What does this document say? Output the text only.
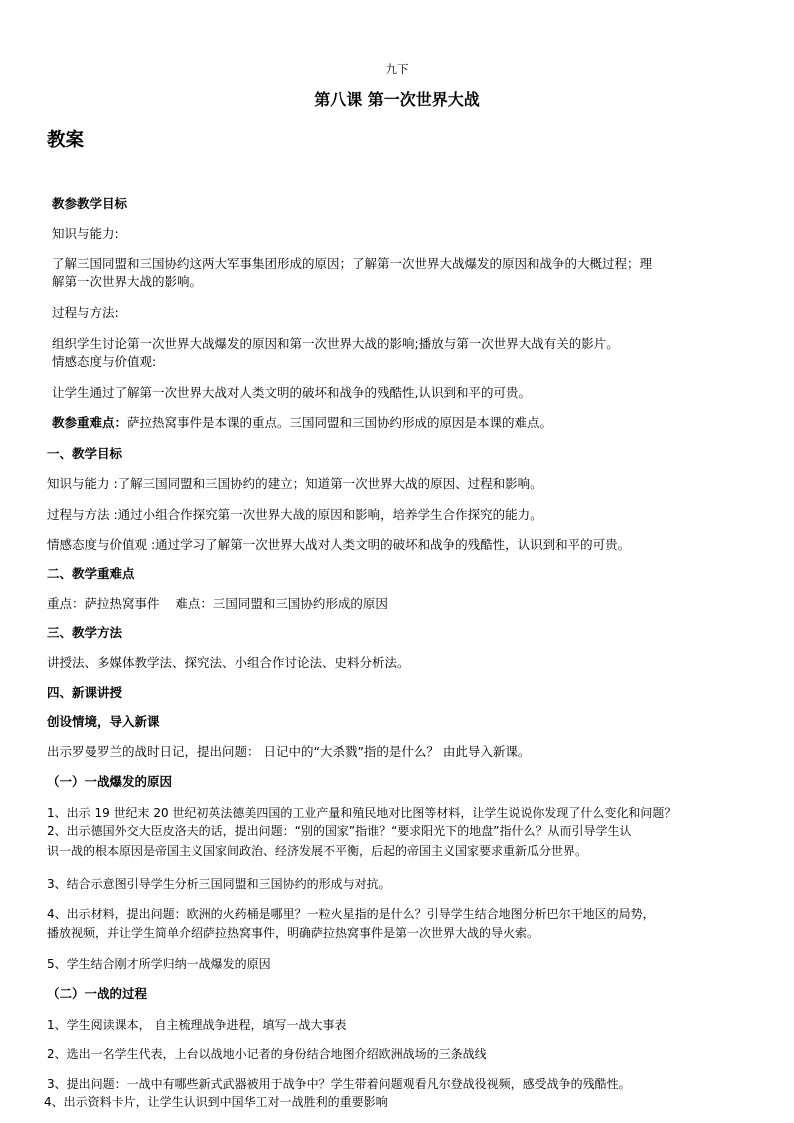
九下
第八课 第一次世界大战
教案
教参教学目标
知识与能力:
了解三国同盟和三国协约这两大军事集团形成的原因；了解第一次世界大战爆发的原因和战争的大概过程；理
解第一次世界大战的影响。
过程与方法:
组织学生讨论第一次世界大战爆发的原因和第一次世界大战的影响;播放与第一次世界大战有关的影片。
情感态度与价值观:
让学生通过了解第一次世界大战对人类文明的破坏和战争的残酷性,认识到和平的可贵。
教参重难点：萨拉热窝事件是本课的重点。三国同盟和三国协约形成的原因是本课的难点。
一、教学目标
知识与能力 :了解三国同盟和三国协约的建立；知道第一次世界大战的原因、过程和影响。
过程与方法 :通过小组合作探究第一次世界大战的原因和影响，培养学生合作探究的能力。
情感态度与价值观 :通过学习了解第一次世界大战对人类文明的破坏和战争的残酷性，认识到和平的可贵。
二、教学重难点
重点：萨拉热窝事件    难点：三国同盟和三国协约形成的原因
三、教学方法
讲授法、多媒体教学法、探究法、小组合作讨论法、史料分析法。
四、新课讲授
创设情境，导入新课
出示罗曼罗兰的战时日记，提出问题： 日记中的“大杀戮”指的是什么？ 由此导入新课。
（一）一战爆发的原因
1、出示 19 世纪末 20 世纪初英法德美四国的工业产量和殖民地对比图等材料，让学生说说你发现了什么变化和问题？
2、出示德国外交大臣皮洛夫的话，提出问题：“别的国家”指谁？“要求阳光下的地盘”指什么？从而引导学生认
识一战的根本原因是帝国主义国家间政治、经济发展不平衡，后起的帝国主义国家要求重新瓜分世界。
3、结合示意图引导学生分析三国同盟和三国协约的形成与对抗。
4、出示材料，提出问题：欧洲的火药桶是哪里？一粒火星指的是什么？引导学生结合地图分析巴尔干地区的局势，
播放视频，并让学生简单介绍萨拉热窝事件，明确萨拉热窝事件是第一次世界大战的导火索。
5、学生结合刚才所学归纳一战爆发的原因
（二）一战的过程
1、学生阅读课本， 自主梳理战争进程，填写一战大事表
2、选出一名学生代表，上台以战地小记者的身份结合地图介绍欧洲战场的三条战线
3、提出问题：一战中有哪些新式武器被用于战争中？学生带着问题观看凡尔登战役视频，感受战争的残酷性。
4、出示资料卡片，让学生认识到中国华工对一战胜利的重要影响
